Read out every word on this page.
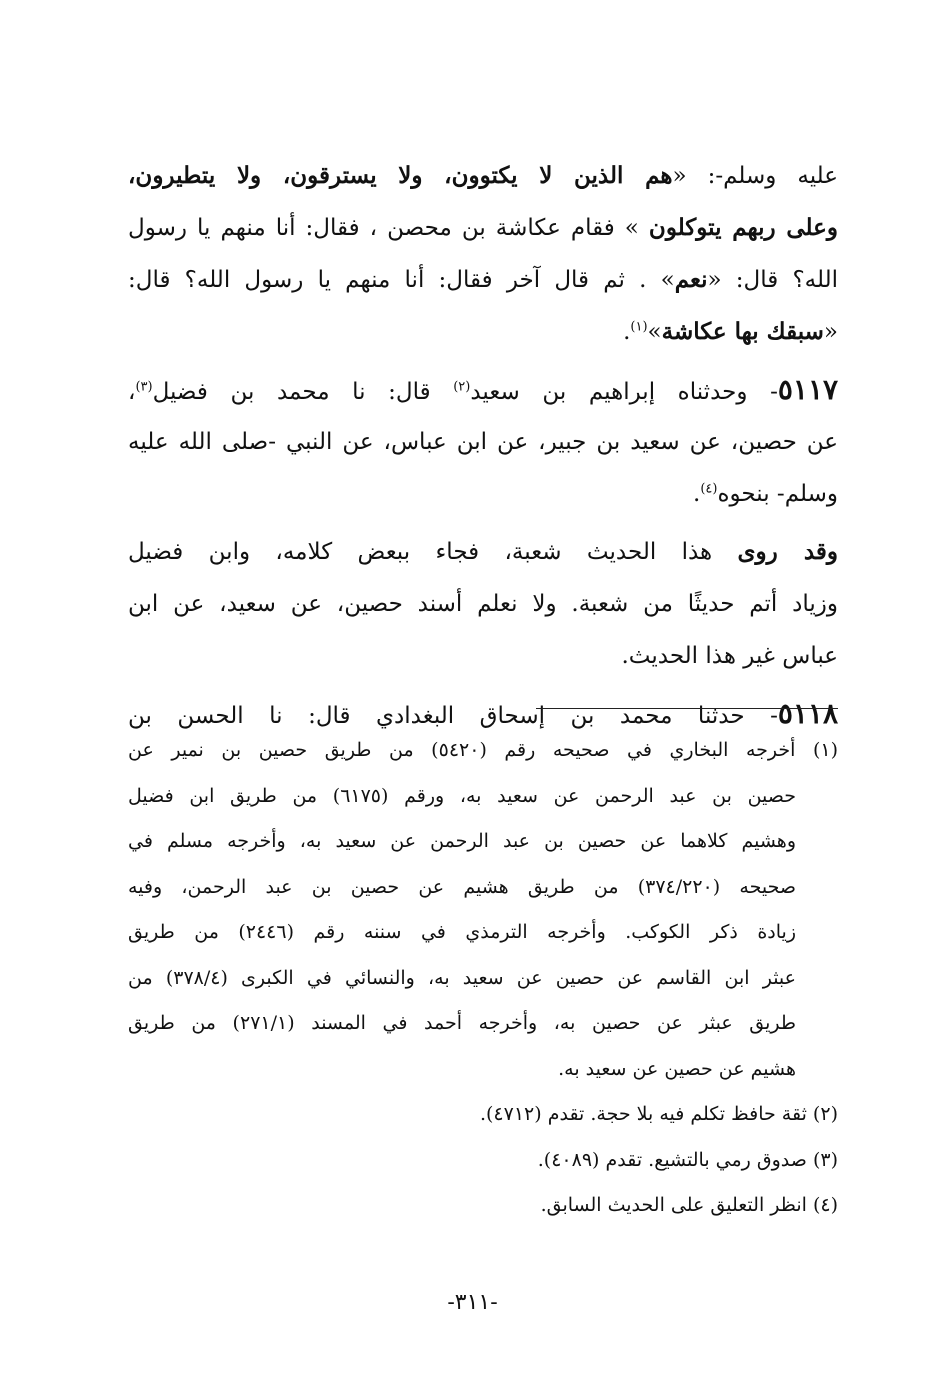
عليه وسلم-: «هم الذين لا يكتوون، ولا يسترقون، ولا يتطيرون،
وعلى ربهم يتوكلون » فقام عكاشة بن محصن ، فقال: أنا منهم يا رسول
الله؟ قال: «نعم» . ثم قال آخر فقال: أنا منهم يا رسول الله؟ قال:
«سبقك بها عكاشة»$^{(١)}$.
٥١١٧- وحدثناه إبراهيم بن سعيد$^{(٢)}$ قال: نا محمد بن فضيل$^{(٣)}$،
عن حصين، عن سعيد بن جبير، عن ابن عباس، عن النبي -صلى الله عليه
وسلم- بنحوه$^{(٤)}$.
وقد روى هذا الحديث شعبة، فجاء ببعض كلامه، وابن فضيل
وزياد أتم حديثًا من شعبة. ولا نعلم أسند حصين، عن سعيد، عن ابن
عباس غير هذا الحديث.
٥١١٨- حدثنا محمد بن إسحاق البغدادي قال: نا الحسن بن
(١) أخرجه البخاري في صحيحه رقم (٥٤٢٠) من طريق حصين بن نمير عن
حصين بن عبد الرحمن عن سعيد به، ورقم (٦١٧٥) من طريق ابن فضيل
وهشيم كلاهما عن حصين بن عبد الرحمن عن سعيد به، وأخرجه مسلم في
صحيحه (٣٧٤/٢٢٠) من طريق هشيم عن حصين بن عبد الرحمن، وفيه
زيادة ذكر الكوكب. وأخرجه الترمذي في سننه رقم (٢٤٤٦) من طريق
عبثر ابن القاسم عن حصين عن سعيد به، والنسائي في الكبرى (٣٧٨/٤) من
طريق عبثر عن حصين به، وأخرجه أحمد في المسند (٢٧١/١) من طريق
هشيم عن حصين عن سعيد به.
(٢) ثقة حافظ تكلم فيه بلا حجة. تقدم (٤٧١٢).
(٣) صدوق رمي بالتشيع. تقدم (٤٠٨٩).
(٤) انظر التعليق على الحديث السابق.
-٣١١-
